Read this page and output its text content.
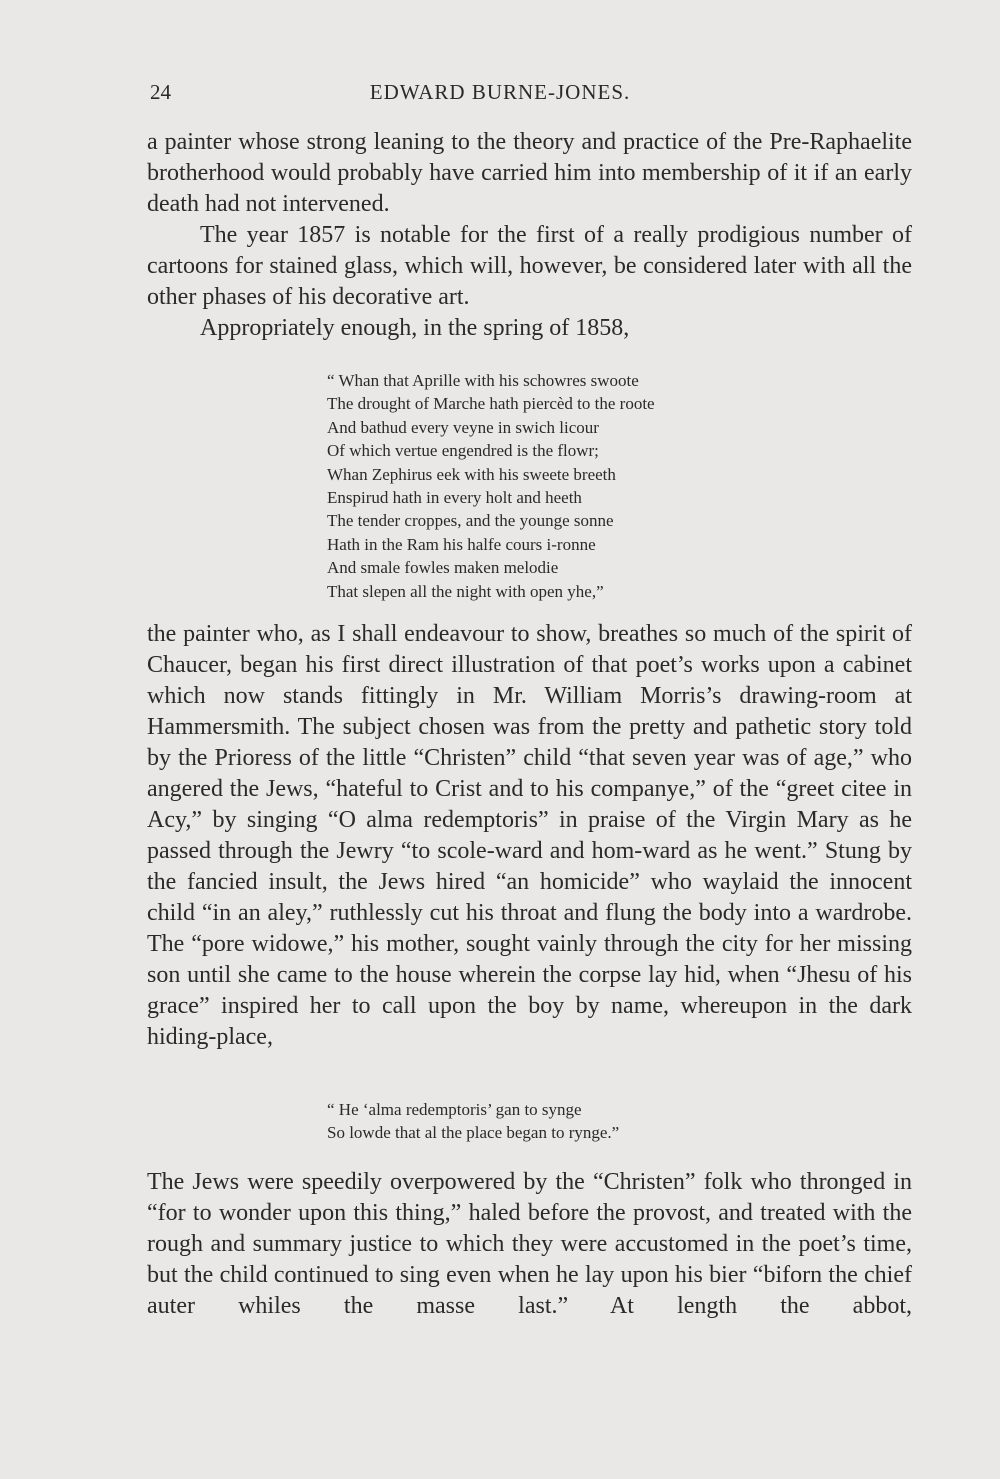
24	EDWARD BURNE-JONES.

a painter whose strong leaning to the theory and practice of the Pre-Raphaelite brotherhood would probably have carried him into membership of it if an early death had not intervened.

The year 1857 is notable for the first of a really prodigious number of cartoons for stained glass, which will, however, be considered later with all the other phases of his decorative art.

Appropriately enough, in the spring of 1858,

“ Whan that Aprille with his schowres swoote
The drought of Marche hath piercèd to the roote
And bathud every veyne in swich licour
Of which vertue engendred is the flowr;
Whan Zephirus eek with his sweete breeth
Enspirud hath in every holt and heeth
The tender croppes, and the younge sonne
Hath in the Ram his halfe cours i-ronne
And smale fowles maken melodie
That slepen all the night with open yhe,”

the painter who, as I shall endeavour to show, breathes so much of the spirit of Chaucer, began his first direct illustration of that poet’s works upon a cabinet which now stands fittingly in Mr. William Morris’s drawing-room at Hammersmith. The subject chosen was from the pretty and pathetic story told by the Prioress of the little “Christen” child “that seven year was of age,” who angered the Jews, “hateful to Crist and to his companye,” of the “greet citee in Acy,” by singing “O alma redemptoris” in praise of the Virgin Mary as he passed through the Jewry “to scole-ward and hom-ward as he went.” Stung by the fancied insult, the Jews hired “an homicide” who waylaid the innocent child “in an aley,” ruthlessly cut his throat and flung the body into a wardrobe. The “pore widowe,” his mother, sought vainly through the city for her missing son until she came to the house wherein the corpse lay hid, when “Jhesu of his grace” inspired her to call upon the boy by name, whereupon in the dark hiding-place,

“ He ‘alma redemptoris’ gan to synge
So lowde that al the place began to rynge.”

The Jews were speedily overpowered by the “Christen” folk who thronged in “for to wonder upon this thing,” haled before the provost, and treated with the rough and summary justice to which they were accustomed in the poet’s time, but the child continued to sing even when he lay upon his bier “biforn the chief auter whiles the masse last.” At length the abbot,
